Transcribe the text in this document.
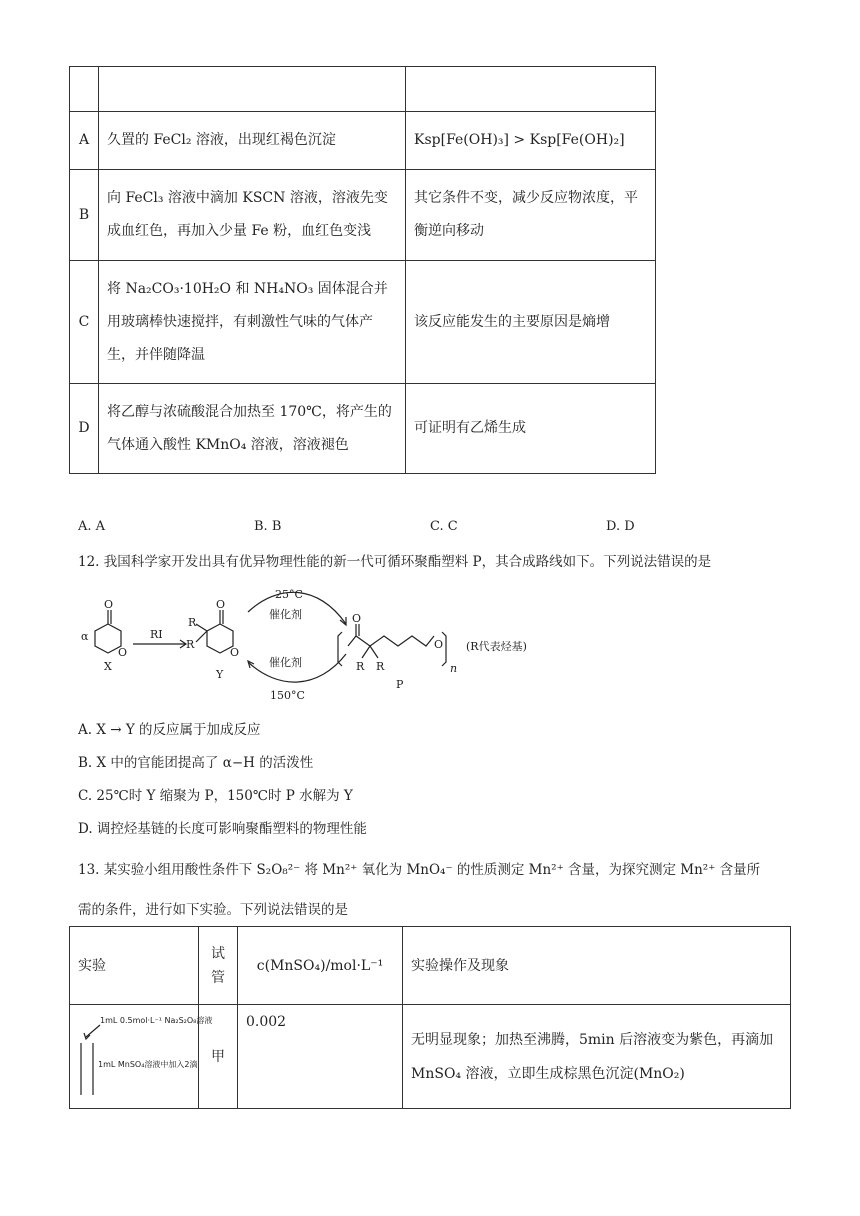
A	久置的 FeCl₂ 溶液，出现红褐色沉淀	Ksp[Fe(OH)₃] > Ksp[Fe(OH)₂]
B	向 FeCl₃ 溶液中滴加 KSCN 溶液，溶液先变成血红色，再加入少量 Fe 粉，血红色变浅	其它条件不变，减少反应物浓度，平衡逆向移动
C	将 Na₂CO₃·10H₂O 和 NH₄NO₃ 固体混合并用玻璃棒快速搅拌，有刺激性气味的气体产生，并伴随降温	该反应能发生的主要原因是熵增
D	将乙醇与浓硫酸混合加热至 170℃，将产生的气体通入酸性 KMnO₄ 溶液，溶液褪色	可证明有乙烯生成
A. A	B. B	C. C	D. D
12. 我国科学家开发出具有优异物理性能的新一代可循环聚酯塑料 P，其合成路线如下。下列说法错误的是
O
α
O
X
RI
O
R
R
O
Y
25°C
催化剂
催化剂
150°C
O
R R
O
n
P
(R代表烃基)
A. X → Y 的反应属于加成反应
B. X 中的官能团提高了 α−H 的活泼性
C. 25℃时 Y 缩聚为 P，150℃时 P 水解为 Y
D. 调控烃基链的长度可影响聚酯塑料的物理性能
13. 某实验小组用酸性条件下 S₂O₈²⁻ 将 Mn²⁺ 氧化为 MnO₄⁻ 的性质测定 Mn²⁺ 含量，为探究测定 Mn²⁺ 含量所
需的条件，进行如下实验。下列说法错误的是
实验	试管	c(MnSO₄)/mol·L⁻¹	实验操作及现象

1mL 0.5mol·L⁻¹ Na₂S₂O₈溶液
1mL MnSO₄溶液中加入2滴	甲	0.002	无明显现象；加热至沸腾，5min 后溶液变为紫色，再滴加 MnSO₄ 溶液，立即生成棕黑色沉淀(MnO₂)
